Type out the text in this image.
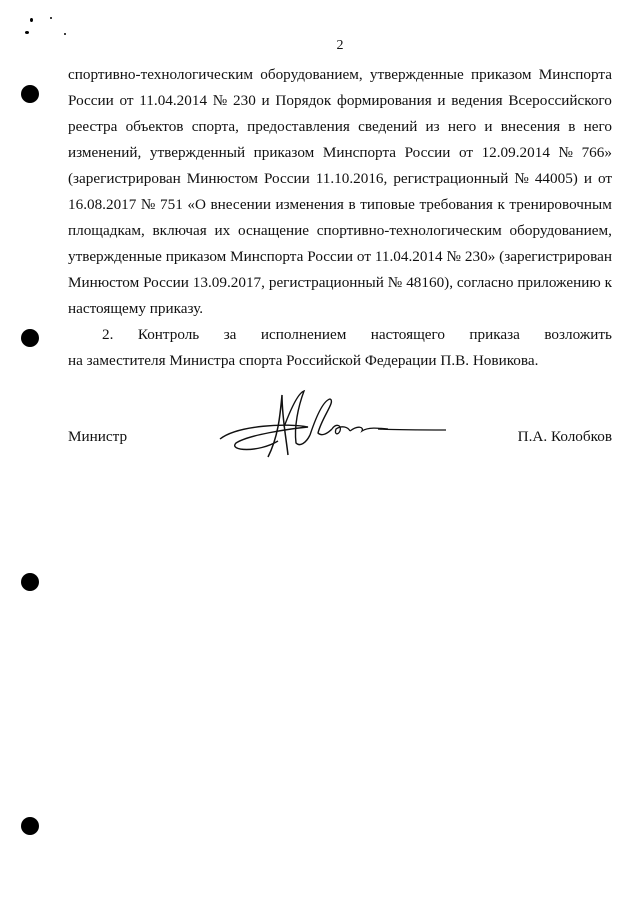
2
спортивно-технологическим оборудованием, утвержденные приказом Минспорта
России от 11.04.2014 № 230 и Порядок формирования и ведения Всероссийского
реестра объектов спорта, предоставления сведений из него и внесения в него
изменений, утвержденный приказом Минспорта России от 12.09.2014 № 766»
(зарегистрирован Минюстом России 11.10.2016, регистрационный № 44005) и от
16.08.2017 № 751 «О внесении изменения в типовые требования к тренировочным
площадкам, включая их оснащение спортивно-технологическим оборудованием,
утвержденные приказом Минспорта России от 11.04.2014 № 230» (зарегистрирован
Минюстом России 13.09.2017, регистрационный № 48160), согласно приложению к
настоящему приказу.
2. Контроль за исполнением настоящего приказа возложить
на заместителя Министра спорта Российской Федерации П.В. Новикова.
Министр	П.А. Колобков
